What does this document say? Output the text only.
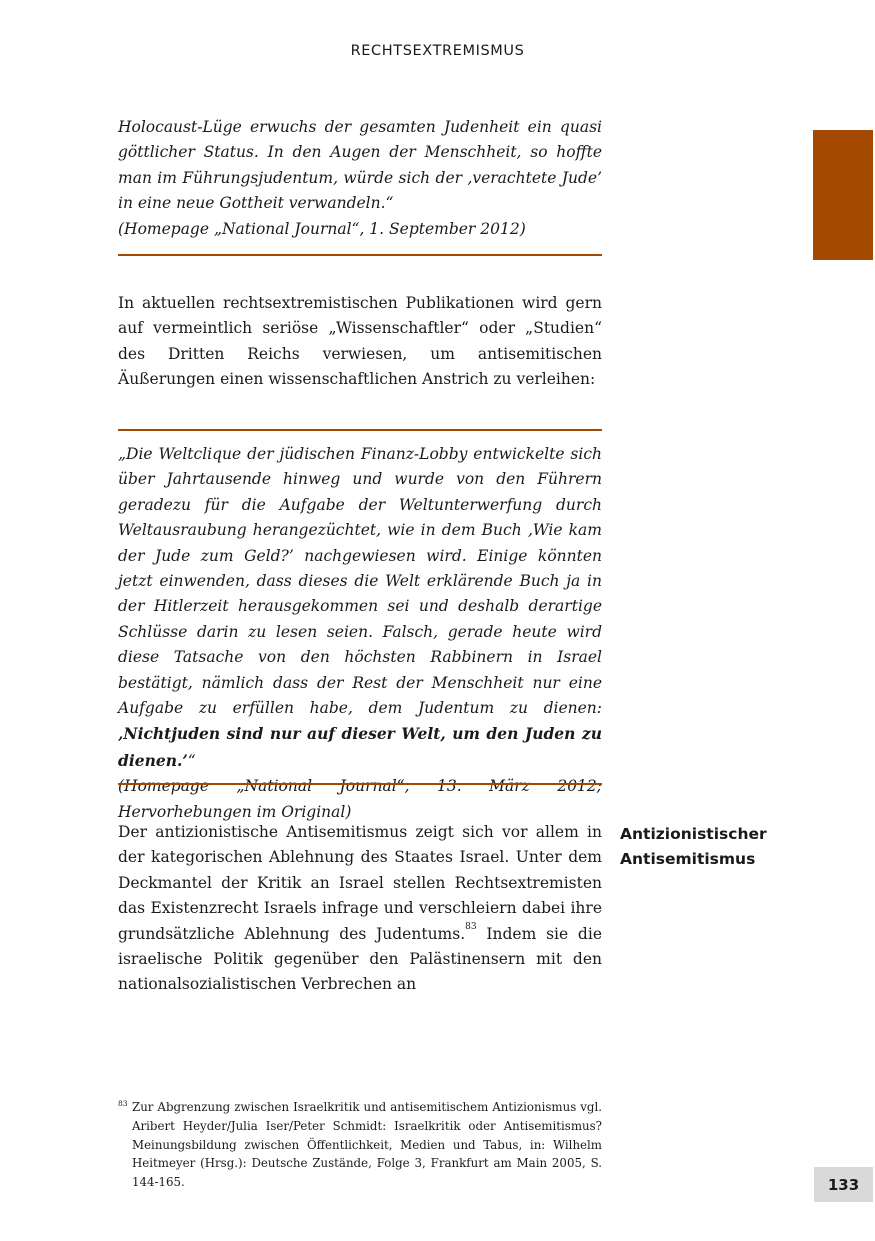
RECHTSEXTREMISMUS

Holocaust-Lüge erwuchs der gesamten Judenheit ein quasi göttlicher Status. In den Augen der Menschheit, so hoffte man im Führungsjudentum, würde sich der ‚verachtete Jude’ in eine neue Gottheit verwandeln.“

(Homepage „National Journal“, 1. September 2012)

In aktuellen rechtsextremistischen Publikationen wird gern auf vermeintlich seriöse „Wissenschaftler“ oder „Studien“ des Dritten Reichs verwiesen, um antisemitischen Äußerungen einen wissenschaftlichen Anstrich zu verleihen:

„Die Weltclique der jüdischen Finanz-Lobby entwickelte sich über Jahrtausende hinweg und wurde von den Führern geradezu für die Aufgabe der Weltunterwerfung durch Weltausraubung herangezüchtet, wie in dem Buch ‚Wie kam der Jude zum Geld?’ nachgewiesen wird. Einige könnten jetzt einwenden, dass dieses die Welt erklärende Buch ja in der Hitlerzeit herausgekommen sei und deshalb derartige Schlüsse darin zu lesen seien. Falsch, gerade heute wird diese Tatsache von den höchsten Rabbinern in Israel bestätigt, nämlich dass der Rest der Menschheit nur eine Aufgabe zu erfüllen habe, dem Judentum zu dienen: ‚Nichtjuden sind nur auf dieser Welt, um den Juden zu dienen.’“

(Homepage „National Journal“, 13. März 2012; Hervorhebungen im Original)

Der antizionistische Antisemitismus zeigt sich vor allem in der kategorischen Ablehnung des Staates Israel. Unter dem Deckmantel der Kritik an Israel stellen Rechtsextremisten das Existenzrecht Israels infrage und verschleiern dabei ihre grundsätzliche Ablehnung des Judentums.$^{83}$ Indem sie die israelische Politik gegenüber den Palästinensern mit den nationalsozialistischen Verbrechen an

Antizionistischer
Antisemitismus
83 Zur Abgrenzung zwischen Israelkritik und antisemitischem Antizionismus vgl. Aribert Heyder/Julia Iser/Peter Schmidt: Israelkritik oder Antisemitismus? Meinungsbildung zwischen Öffentlichkeit, Medien und Tabus, in: Wilhelm Heitmeyer (Hrsg.): Deutsche Zustände, Folge 3, Frankfurt am Main 2005, S. 144-165.	133
